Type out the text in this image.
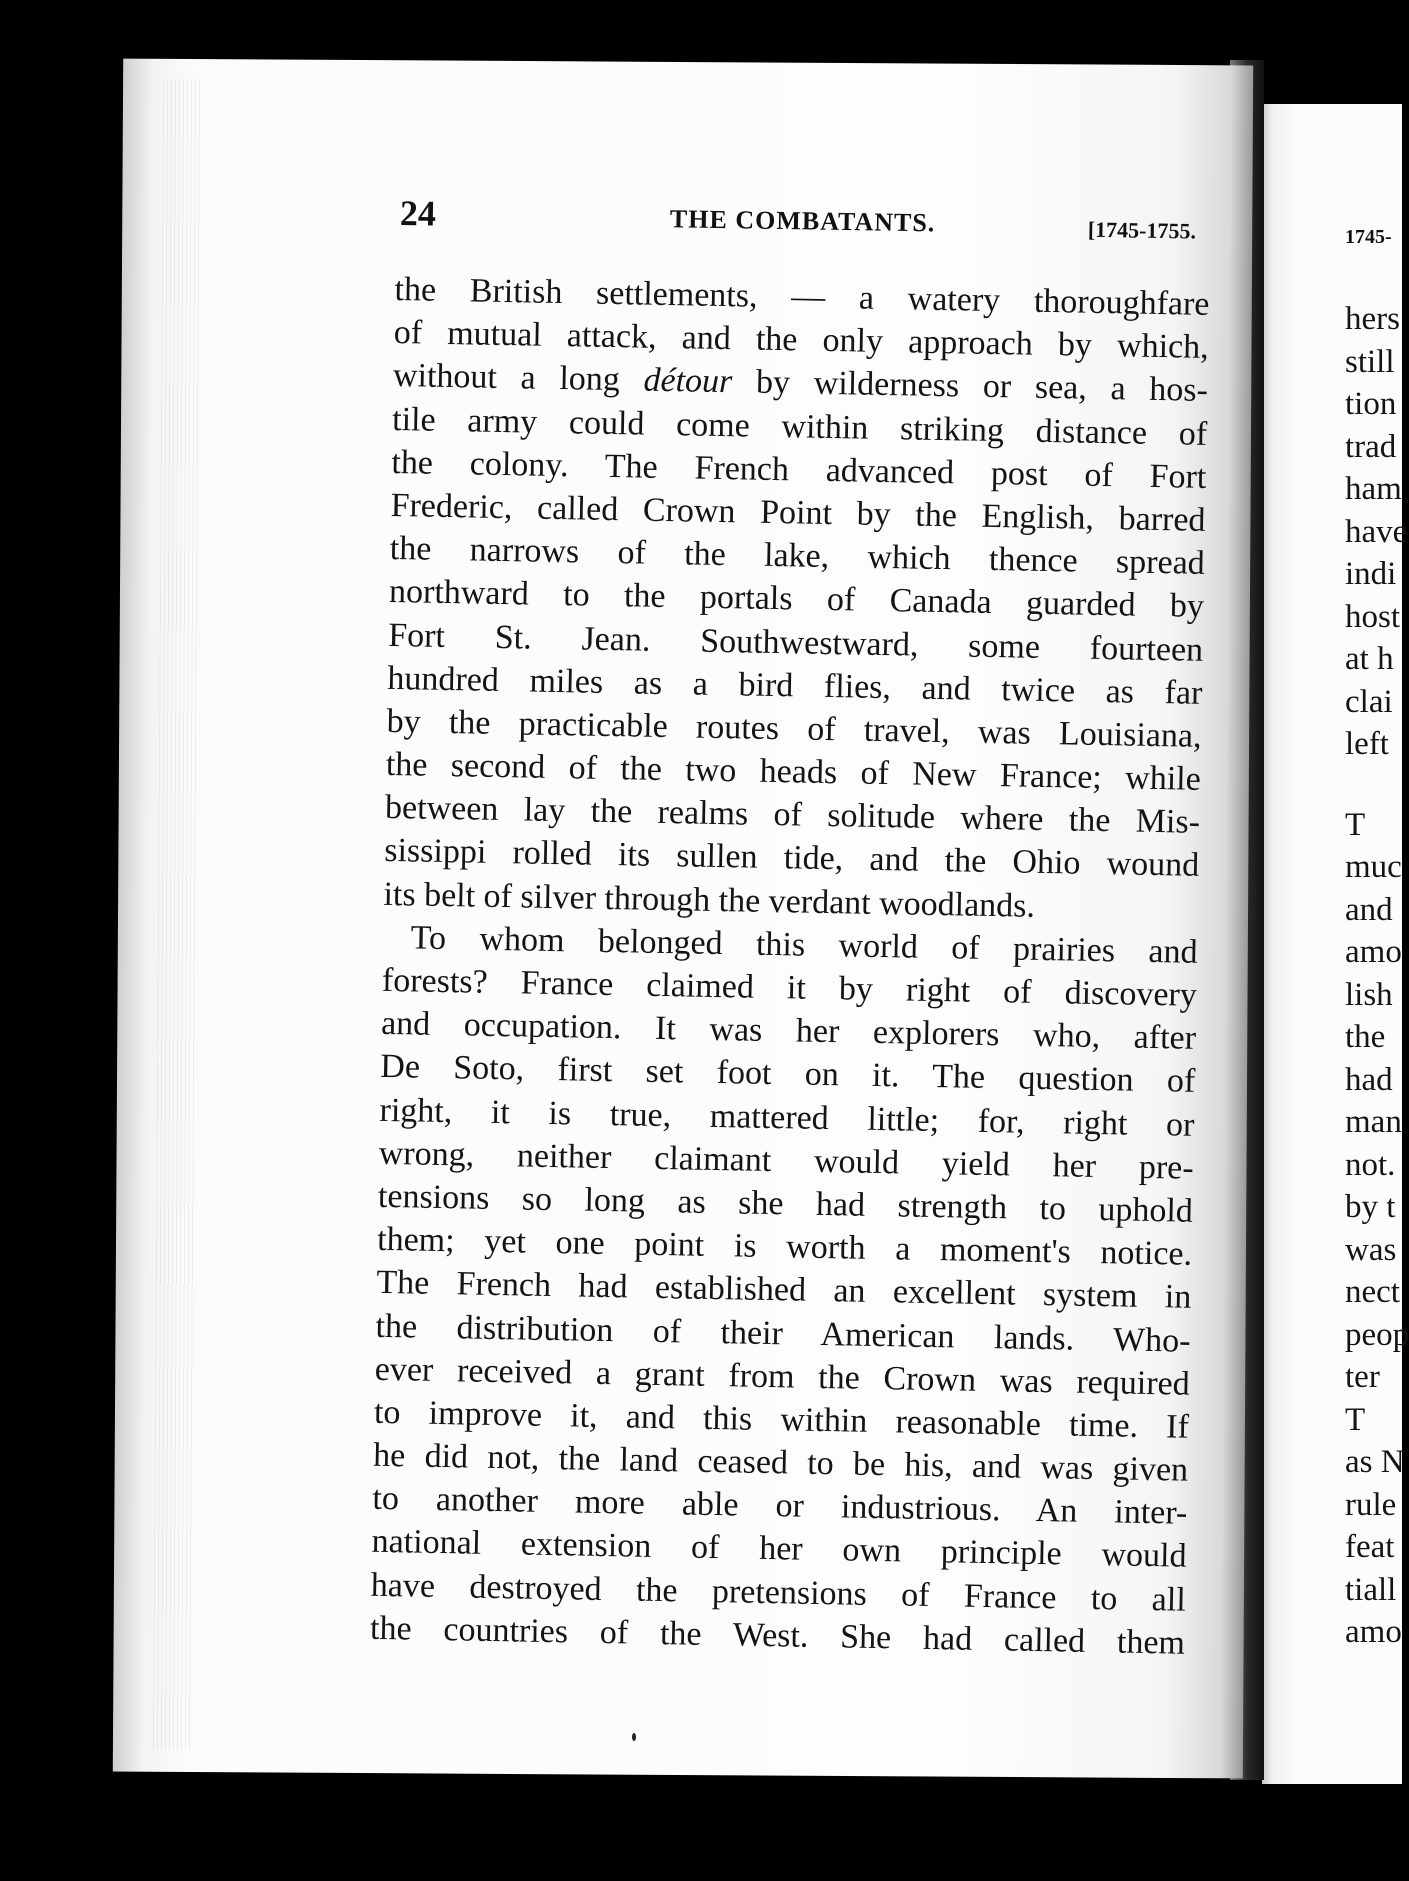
24	THE COMBATANTS.	[1745-1755.
the British settlements, — a watery thoroughfare
of mutual attack, and the only approach by which,
without a long détour by wilderness or sea, a hos-
tile army could come within striking distance of
the colony. The French advanced post of Fort
Frederic, called Crown Point by the English, barred
the narrows of the lake, which thence spread
northward to the portals of Canada guarded by
Fort St. Jean. Southwestward, some fourteen
hundred miles as a bird flies, and twice as far
by the practicable routes of travel, was Louisiana,
the second of the two heads of New France; while
between lay the realms of solitude where the Mis-
sissippi rolled its sullen tide, and the Ohio wound
its belt of silver through the verdant woodlands.
To whom belonged this world of prairies and
forests? France claimed it by right of discovery
and occupation. It was her explorers who, after
De Soto, first set foot on it. The question of
right, it is true, mattered little; for, right or
wrong, neither claimant would yield her pre-
tensions so long as she had strength to uphold
them; yet one point is worth a moment's notice.
The French had established an excellent system in
the distribution of their American lands. Who-
ever received a grant from the Crown was required
to improve it, and this within reasonable time. If
he did not, the land ceased to be his, and was given
to another more able or industrious. An inter-
national extension of her own principle would
have destroyed the pretensions of France to all
the countries of the West. She had called them
1745-
hers
still
tion
trad
ham
have
indi
host
at h
clai
left
T
muc
and
amo
lish
the
had
man
not.
by t
was
nect
peop
ter
T
as N
rule
feat
tiall
amo
